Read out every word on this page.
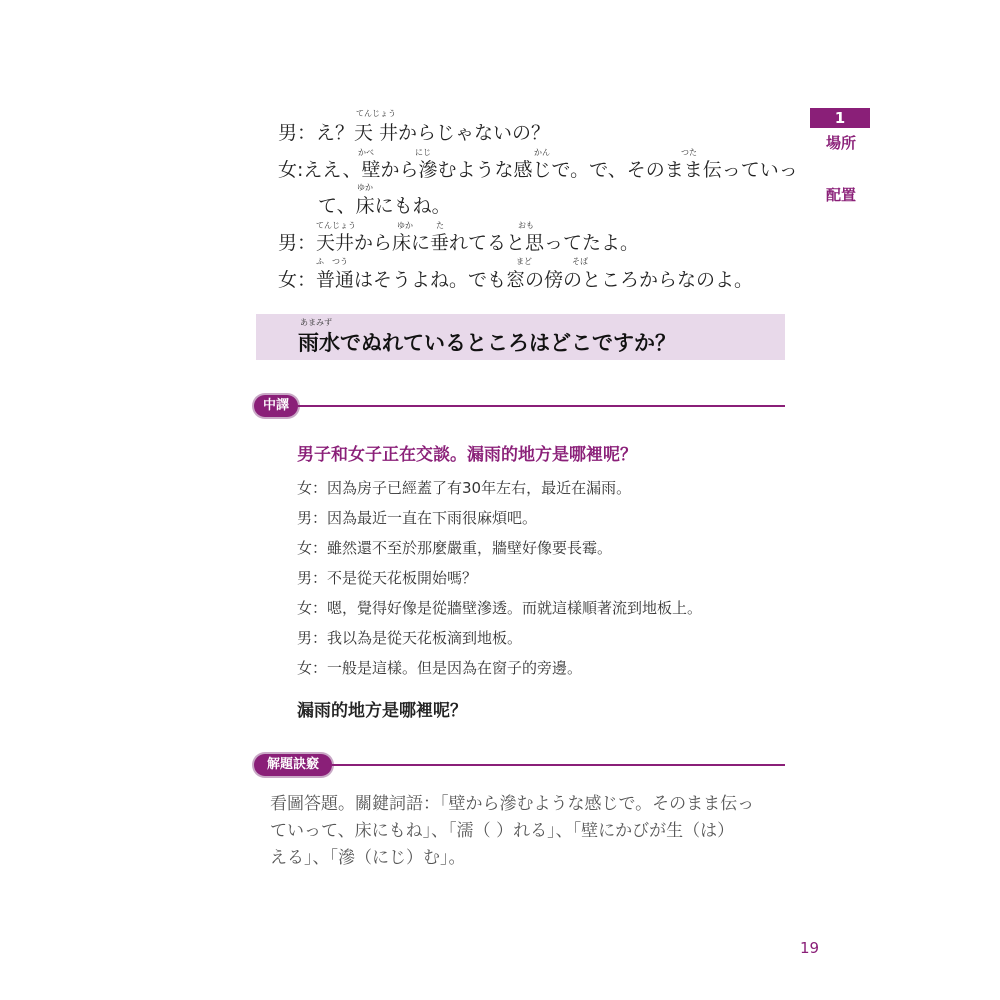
1
場所
配置
てんじょう
男：え？天 井からじゃないの？
かべ	にじ	かん	つた
女:ええ、壁から滲むような感じで。で、そのまま伝っていっ
ゆか
て、床にもね。
てんじょう	ゆか	た	おも
男：天井から床に垂れてると思ってたよ。
ふ　つう	まど	そば
女：普通はそうよね。でも窓の傍のところからなのよ。
あまみず
雨水でぬれているところはどこですか？
中譯
男子和女子正在交談。漏雨的地方是哪裡呢？
女：因為房子已經蓋了有30年左右，最近在漏雨。
男：因為最近一直在下雨很麻煩吧。
女：雖然還不至於那麼嚴重，牆壁好像要長霉。
男：不是從天花板開始嗎？
女：嗯，覺得好像是從牆壁滲透。而就這樣順著流到地板上。
男：我以為是從天花板滴到地板。
女：一般是這樣。但是因為在窗子的旁邊。
漏雨的地方是哪裡呢？
解題訣竅
看圖答題。關鍵詞語：「壁から滲むような感じで。そのまま伝っ
ていって、床にもね」、「濡（ ）れる」、「壁にかびが生（は）
える」、「滲（にじ）む」。
19
